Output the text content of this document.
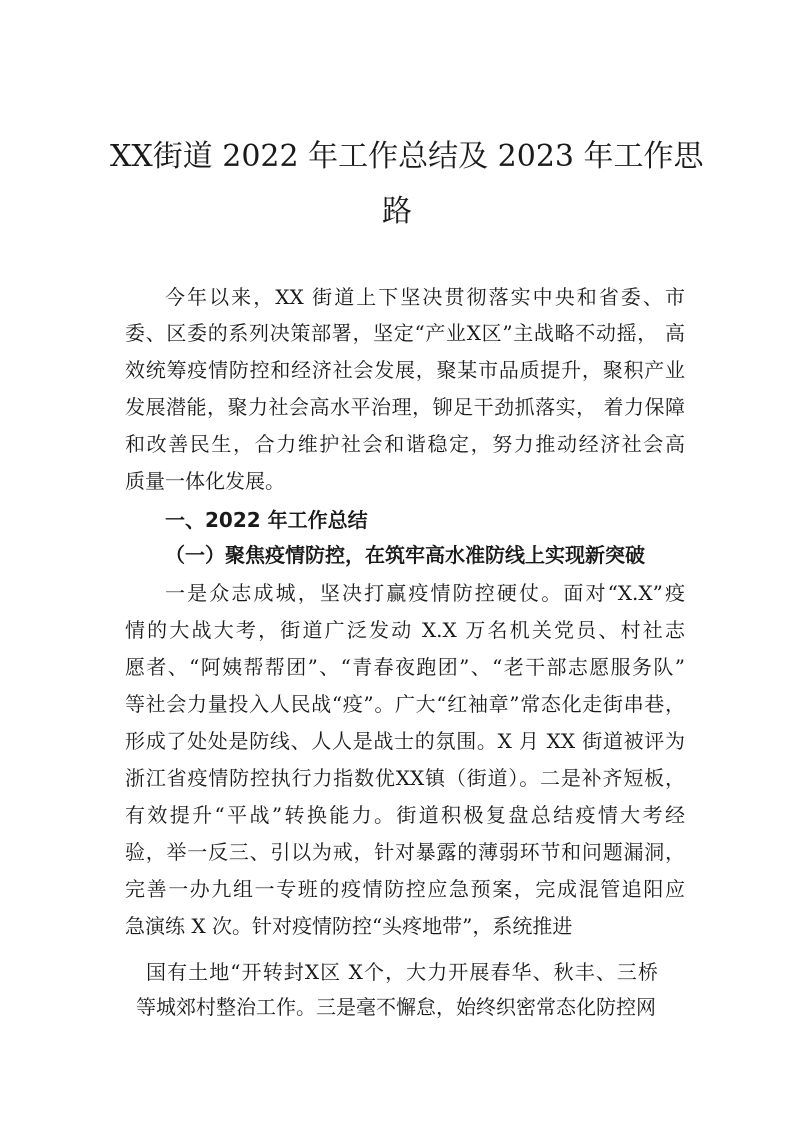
XX街道 2022 年工作总结及 2023 年工作思
路
今年以来，XX 街道上下坚决贯彻落实中央和省委、市
委、区委的系列决策部署，坚定“产业X区”主战略不动摇， 高
效统筹疫情防控和经济社会发展，聚某市品质提升，聚积产业
发展潜能，聚力社会高水平治理，铆足干劲抓落实， 着力保障
和改善民生，合力维护社会和谐稳定，努力推动经济社会高
质量一体化发展。
一、2022 年工作总结
（一）聚焦疫情防控，在筑牢高水准防线上实现新突破
一是众志成城，坚决打赢疫情防控硬仗。面对“X.X”疫
情的大战大考，街道广泛发动 X.X 万名机关党员、村社志
愿者、“阿姨帮帮团”、“青春夜跑团”、“老干部志愿服务队”
等社会力量投入人民战“疫”。广大“红袖章”常态化走街串巷，
形成了处处是防线、人人是战士的氛围。X 月 XX 街道被评为
浙江省疫情防控执行力指数优XX镇（街道）。二是补齐短板，
有效提升“平战”转换能力。街道积极复盘总结疫情大考经
验，举一反三、引以为戒，针对暴露的薄弱环节和问题漏洞，
完善一办九组一专班的疫情防控应急预案，完成混管追阳应
急演练 X 次。针对疫情防控“头疼地带”，系统推进
国有土地“开转封X区 X个，大力开展春华、秋丰、三桥
等城郊村整治工作。三是毫不懈怠，始终织密常态化防控网
